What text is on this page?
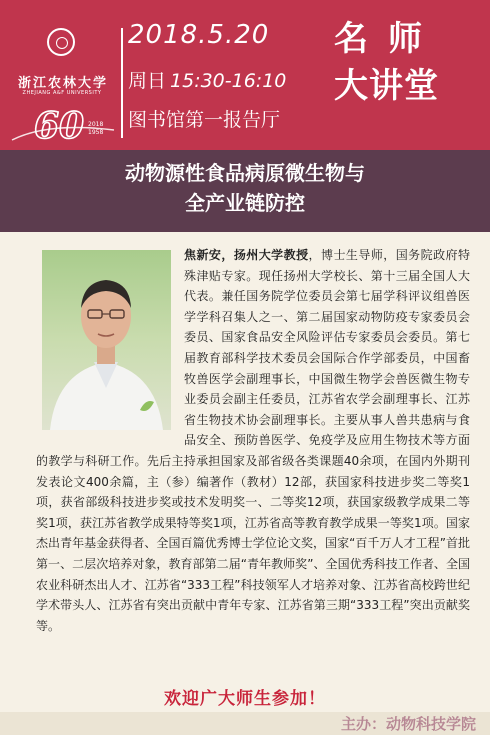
浙江农林大学
ZHEJIANG A&F UNIVERSITY
60 2018
1958
2018.5.20
周日 15:30-16:10
图书馆第一报告厅
名师
大讲堂
动物源性食品病原微生物与
全产业链防控
焦新安，扬州大学教授，博士生导师，国务院政府特殊津贴专家。现任扬州大学校长、第十三届全国人大代表。兼任国务院学位委员会第七届学科评议组兽医学学科召集人之一、第二届国家动物防疫专家委员会委员、国家食品安全风险评估专家委员会委员。第七届教育部科学技术委员会国际合作学部委员，中国畜牧兽医学会副理事长，中国微生物学会兽医微生物专业委员会副主任委员，江苏省农学会副理事长、江苏省生物技术协会副理事长。主要从事人兽共患病与食品安全、预防兽医学、免疫学及应用生物技术等方面的教学与科研工作。先后主持承担国家及部省级各类课题40余项，在国内外期刊发表论文400余篇，主（参）编著作（教材）12部，获国家科技进步奖二等奖1项，获省部级科技进步奖或技术发明奖一、二等奖12项，获国家级教学成果二等奖1项，获江苏省教学成果特等奖1项，江苏省高等教育教学成果一等奖1项。国家杰出青年基金获得者、全国百篇优秀博士学位论文奖，国家“百千万人才工程”首批第一、二层次培养对象，教育部第二届“青年教师奖”、全国优秀科技工作者、全国农业科研杰出人才、江苏省“333工程”科技领军人才培养对象、江苏省高校跨世纪学术带头人、江苏省有突出贡献中青年专家、江苏省第三期“333工程”突出贡献奖等。
欢迎广大师生参加！
主办：动物科技学院
